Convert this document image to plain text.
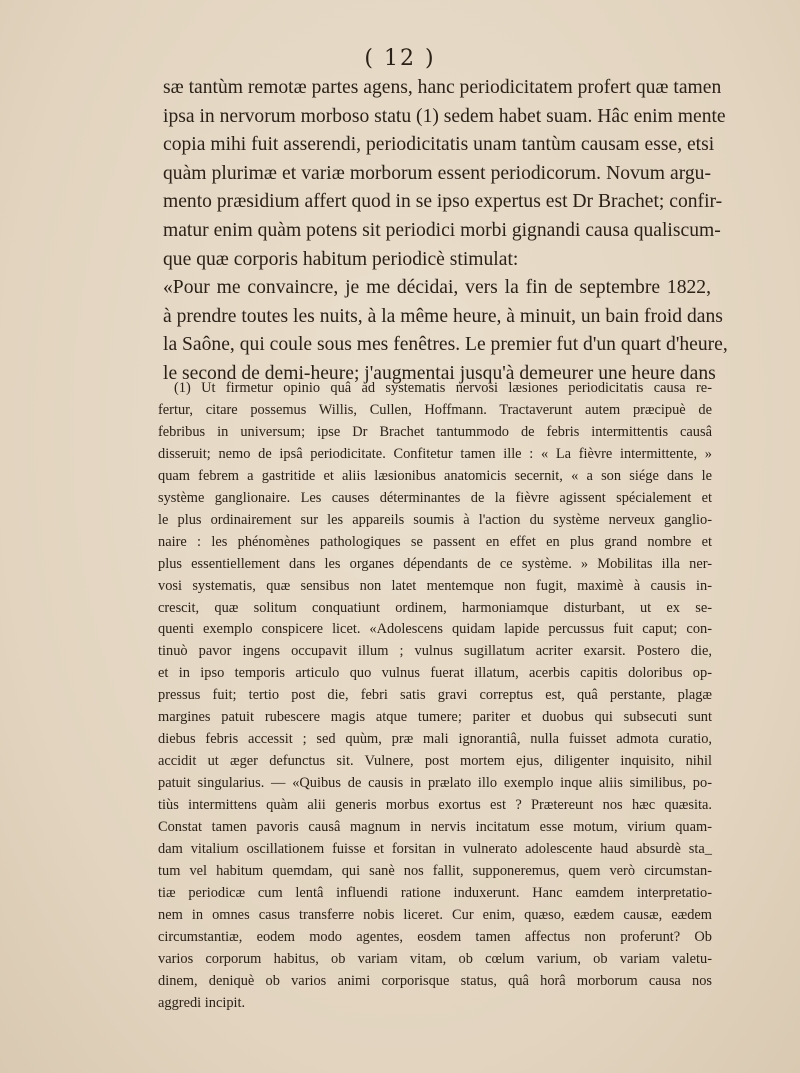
( 12 )
sæ tantùm remotæ partes agens, hanc periodicitatem profert quæ tamen
ipsa in nervorum morboso statu (1) sedem habet suam. Hâc enim mente
copia mihi fuit asserendi, periodicitatis unam tantùm causam esse, etsi
quàm plurimæ et variæ morborum essent periodicorum. Novum argu-
mento præsidium affert quod in se ipso expertus est Dr Brachet; confir-
matur enim quàm potens sit periodici morbi gignandi causa qualiscum-
que quæ corporis habitum periodicè stimulat:
«Pour me convaincre, je me décidai, vers la fin de septembre 1822,
à prendre toutes les nuits, à la même heure, à minuit, un bain froid dans
la Saône, qui coule sous mes fenêtres. Le premier fut d'un quart d'heure,
le second de demi-heure; j'augmentai jusqu'à demeurer une heure dans
(1) Ut firmetur opinio quâ ad systematis nervosi læsiones periodicitatis causa re-
fertur, citare possemus Willis, Cullen, Hoffmann. Tractaverunt autem præcipuè de
febribus in universum; ipse Dr Brachet tantummodo de febris intermittentis causâ
disseruit; nemo de ipsâ periodicitate. Confitetur tamen ille : « La fièvre intermittente, »
quam febrem a gastritide et aliis læsionibus anatomicis secernit, « a son siége dans le
système ganglionaire. Les causes déterminantes de la fièvre agissent spécialement et
le plus ordinairement sur les appareils soumis à l'action du système nerveux ganglio-
naire : les phénomènes pathologiques se passent en effet en plus grand nombre et
plus essentiellement dans les organes dépendants de ce système. » Mobilitas illa ner-
vosi systematis, quæ sensibus non latet mentemque non fugit, maximè à causis in-
crescit, quæ solitum conquatiunt ordinem, harmoniamque disturbant, ut ex se-
quenti exemplo conspicere licet. «Adolescens quidam lapide percussus fuit caput; con-
tinuò pavor ingens occupavit illum ; vulnus sugillatum acriter exarsit. Postero die,
et in ipso temporis articulo quo vulnus fuerat illatum, acerbis capitis doloribus op-
pressus fuit; tertio post die, febri satis gravi correptus est, quâ perstante, plagæ
margines patuit rubescere magis atque tumere; pariter et duobus qui subsecuti sunt
diebus febris accessit ; sed quùm, præ mali ignorantiâ, nulla fuisset admota curatio,
accidit ut æger defunctus sit. Vulnere, post mortem ejus, diligenter inquisito, nihil
patuit singularius. — «Quibus de causis in prælato illo exemplo inque aliis similibus, po-
tiùs intermittens quàm alii generis morbus exortus est ? Prætereunt nos hæc quæsita.
Constat tamen pavoris causâ magnum in nervis incitatum esse motum, virium quam-
dam vitalium oscillationem fuisse et forsitan in vulnerato adolescente haud absurdè sta_
tum vel habitum quemdam, qui sanè nos fallit, supponeremus, quem verò circumstan-
tiæ periodicæ cum lentâ influendi ratione induxerunt. Hanc eamdem interpretatio-
nem in omnes casus transferre nobis liceret. Cur enim, quæso, eædem causæ, eædem
circumstantiæ, eodem modo agentes, eosdem tamen affectus non proferunt? Ob
varios corporum habitus, ob variam vitam, ob cœlum varium, ob variam valetu-
dinem, deniquè ob varios animi corporisque status, quâ horâ morborum causa nos
aggredi incipit.
